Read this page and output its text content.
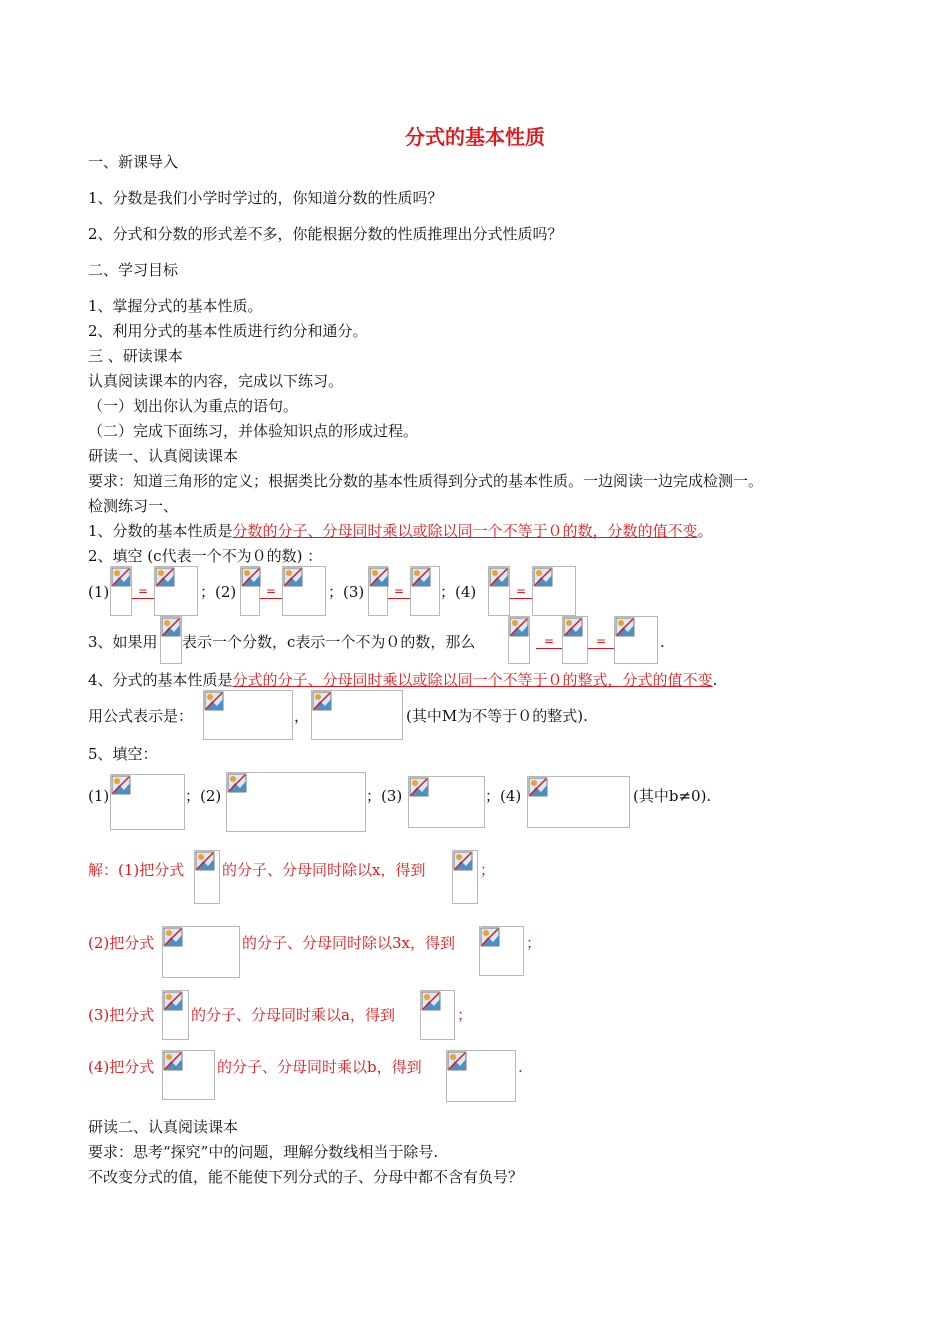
分式的基本性质
一、新课导入
1、分数是我们小学时学过的，你知道分数的性质吗？
2、分式和分数的形式差不多，你能根据分数的性质推理出分式性质吗？
二、学习目标
1、掌握分式的基本性质。
2、利用分式的基本性质进行约分和通分。
三 、研读课本
认真阅读课本的内容，完成以下练习。
（一）划出你认为重点的语句。
（二）完成下面练习，并体验知识点的形成过程。
研读一、认真阅读课本
要求：知道三角形的定义；根据类比分数的基本性质得到分式的基本性质。一边阅读一边完成检测一。
检测练习一、
1、分数的基本性质是分数的分子、分母同时乘以或除以同一个不等于０的数，分数的值不变。
2、填空 (c代表一个不为０的数) ：
(1)	=	；(2)	=	；(3)	=	；(4)	=
3、如果用 表示一个分数，c表示一个不为０的数，那么	=	=	.
4、分式的基本性质是分式的分子、分母同时乘以或除以同一个不等于０的整式，分式的值不变.
用公式表示是：	，	(其中M为不等于０的整式).
5、填空：
(1)	；(2)	；(3)	；(4)	(其中b≠0).
解：(1)把分式	的分子、分母同时除以x，得到	；
(2)把分式	的分子、分母同时除以3x，得到	；
(3)把分式 的分子、分母同时乘以a，得到	；
(4)把分式	的分子、分母同时乘以b，得到	.
研读二、认真阅读课本
要求：思考“探究”中的问题，理解分数线相当于除号.
不改变分式的值，能不能使下列分式的子、分母中都不含有负号？
